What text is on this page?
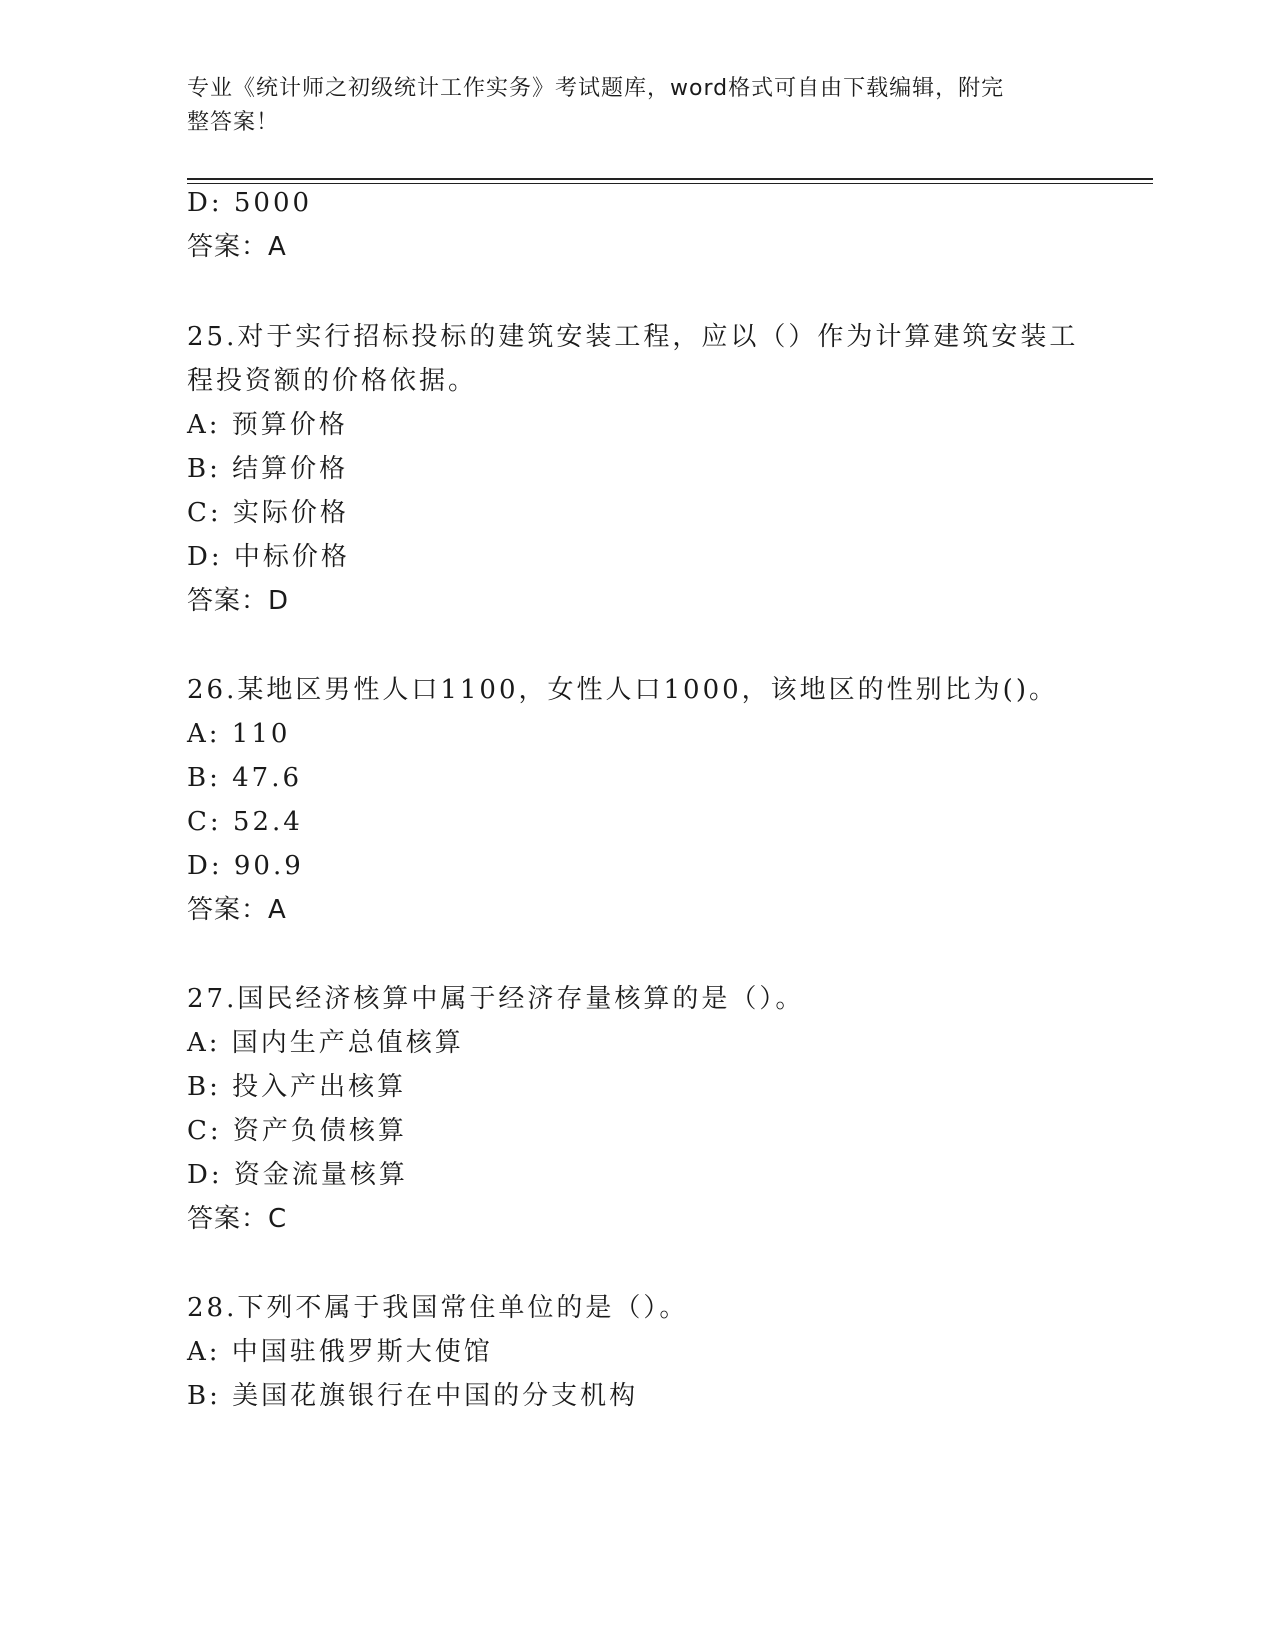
专业《统计师之初级统计工作实务》考试题库，word格式可自由下载编辑，附完
整答案！
D: 5000
答案：A
25.对于实行招标投标的建筑安装工程，应以（）作为计算建筑安装工
程投资额的价格依据。
A: 预算价格
B: 结算价格
C: 实际价格
D: 中标价格
答案：D
26.某地区男性人口1100，女性人口1000，该地区的性别比为()。
A: 110
B: 47.6
C: 52.4
D: 90.9
答案：A
27.国民经济核算中属于经济存量核算的是（）。
A: 国内生产总值核算
B: 投入产出核算
C: 资产负债核算
D: 资金流量核算
答案：C
28.下列不属于我国常住单位的是（）。
A: 中国驻俄罗斯大使馆
B: 美国花旗银行在中国的分支机构
